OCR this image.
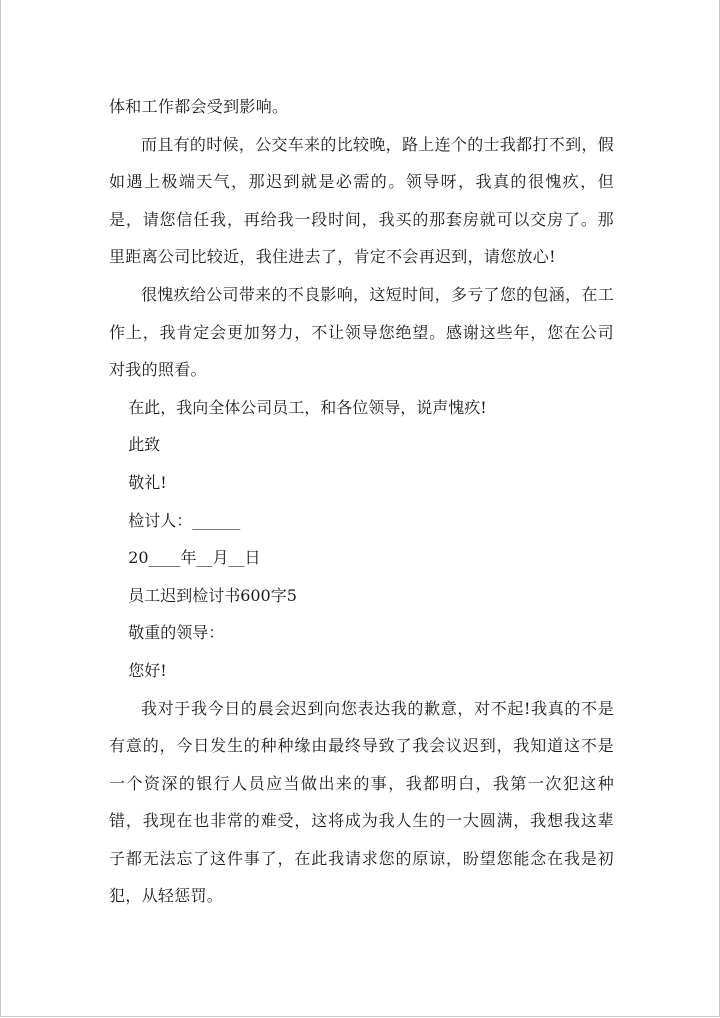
体和工作都会受到影响。

而且有的时候，公交车来的比较晚，路上连个的士我都打不到，假如遇上极端天气，那迟到就是必需的。领导呀，我真的很愧疚，但是，请您信任我，再给我一段时间，我买的那套房就可以交房了。那里距离公司比较近，我住进去了，肯定不会再迟到，请您放心!

很愧疚给公司带来的不良影响，这短时间，多亏了您的包涵，在工作上，我肯定会更加努力，不让领导您绝望。感谢这些年，您在公司对我的照看。

在此，我向全体公司员工，和各位领导，说声愧疚!

此致

敬礼!

检讨人：______

20____年__月__日

员工迟到检讨书600字5

敬重的领导：

您好!

我对于我今日的晨会迟到向您表达我的歉意，对不起!我真的不是有意的，今日发生的种种缘由最终导致了我会议迟到，我知道这不是一个资深的银行人员应当做出来的事，我都明白，我第一次犯这种错，我现在也非常的难受，这将成为我人生的一大圆满，我想我这辈子都无法忘了这件事了，在此我请求您的原谅，盼望您能念在我是初犯，从轻惩罚。
